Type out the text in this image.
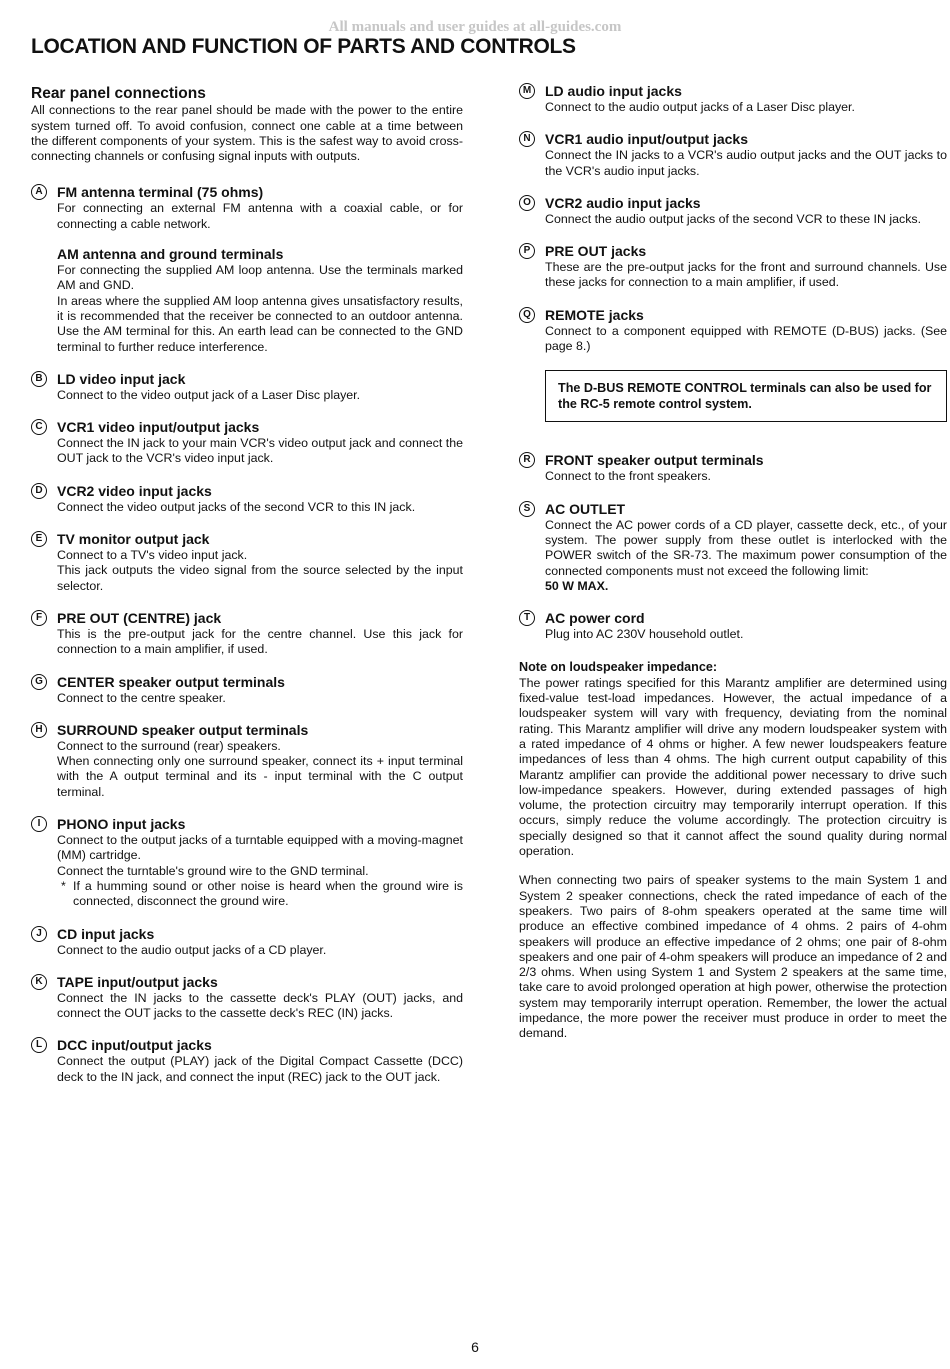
All manuals and user guides at all-guides.com
LOCATION AND FUNCTION OF PARTS AND CONTROLS
Rear panel connections

All connections to the rear panel should be made with the power to the entire system turned off. To avoid confusion, connect one cable at a time between the different components of your system. This is the safest way to avoid cross-connecting channels or confusing signal inputs with outputs.

A	FM antenna terminal (75 ohms)

For connecting an external FM antenna with a coaxial cable, or for connecting a cable network.

AM antenna and ground terminals

For connecting the supplied AM loop antenna. Use the terminals marked AM and GND.

In areas where the supplied AM loop antenna gives unsatisfactory results, it is recommended that the receiver be connected to an outdoor antenna. Use the AM terminal for this. An earth lead can be connected to the GND terminal to further reduce interference.

B	LD video input jack

Connect to the video output jack of a Laser Disc player.

C	VCR1 video input/output jacks

Connect the IN jack to your main VCR's video output jack and connect the OUT jack to the VCR's video input jack.

D	VCR2 video input jacks

Connect the video output jacks of the second VCR to this IN jack.

E	TV monitor output jack

Connect to a TV's video input jack.

This jack outputs the video signal from the source selected by the input selector.

F	PRE OUT (CENTRE) jack

This is the pre-output jack for the centre channel. Use this jack for connection to a main amplifier, if used.

G CENTER speaker output terminals

Connect to the centre speaker.

H	SURROUND speaker output terminals

Connect to the surround (rear) speakers.

When connecting only one surround speaker, connect its + input terminal with the A output terminal and its - input terminal with the C output terminal.

I	PHONO input jacks

Connect to the output jacks of a turntable equipped with a moving-magnet (MM) cartridge.

Connect the turntable's ground wire to the GND terminal.

* If a humming sound or other noise is heard when the ground wire is connected, disconnect the ground wire.

J	CD input jacks

Connect to the audio output jacks of a CD player.

K	TAPE input/output jacks

Connect the IN jacks to the cassette deck's PLAY (OUT) jacks, and connect the OUT jacks to the cassette deck's REC (IN) jacks.

L	DCC input/output jacks

Connect the output (PLAY) jack of the Digital Compact Cassette (DCC) deck to the IN jack, and connect the input (REC) jack to the OUT jack.

M LD audio input jacks

Connect to the audio output jacks of a Laser Disc player.

N	VCR1 audio input/output jacks

Connect the IN jacks to a VCR's audio output jacks and the OUT jacks to the VCR's audio input jacks.

O VCR2 audio input jacks

Connect the audio output jacks of the second VCR to these IN jacks.

P	PRE OUT jacks

These are the pre-output jacks for the front and surround channels. Use these jacks for connection to a main amplifier, if used.

Q REMOTE jacks

Connect to a component equipped with REMOTE (D-BUS) jacks. (See page 8.)

The D-BUS REMOTE CONTROL terminals can also be used for the RC-5 remote control system.
R	FRONT speaker output terminals

Connect to the front speakers.

S	AC OUTLET

Connect the AC power cords of a CD player, cassette deck, etc., of your system. The power supply from these outlet is interlocked with the POWER switch of the SR-73. The maximum power consumption of the connected components must not exceed the following limit:

50 W MAX.

T	AC power cord

Plug into AC 230V household outlet.

Note on loudspeaker impedance:

The power ratings specified for this Marantz amplifier are determined using fixed-value test-load impedances. However, the actual impedance of a loudspeaker system will vary with frequency, deviating from the nominal rating. This Marantz amplifier will drive any modern loudspeaker system with a rated impedance of 4 ohms or higher. A few newer loudspeakers feature impedances of less than 4 ohms. The high current output capability of this Marantz amplifier can provide the additional power necessary to drive such low-impedance speakers. However, during extended passages of high volume, the protection circuitry may temporarily interrupt operation. If this occurs, simply reduce the volume accordingly. The protection circuitry is specially designed so that it cannot affect the sound quality during normal operation.

When connecting two pairs of speaker systems to the main System 1 and System 2 speaker connections, check the rated impedance of each of the speakers. Two pairs of 8-ohm speakers operated at the same time will produce an effective combined impedance of 4 ohms. 2 pairs of 4-ohm speakers will produce an effective impedance of 2 ohms; one pair of 8-ohm speakers and one pair of 4-ohm speakers will produce an impedance of 2 and 2/3 ohms. When using System 1 and System 2 speakers at the same time, take care to avoid prolonged operation at high power, otherwise the protection system may temporarily interrupt operation. Remember, the lower the actual impedance, the more power the receiver must produce in order to meet the demand.

6
